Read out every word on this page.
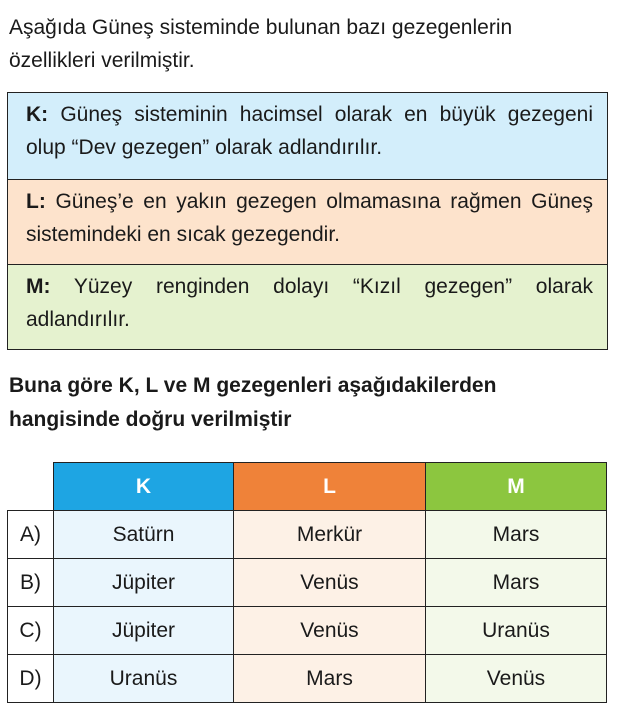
Aşağıda Güneş sisteminde bulunan bazı gezegenlerin
özellikleri verilmiştir.
K: Güneş sisteminin hacimsel olarak en büyük gezegeni olup “Dev gezegen” olarak adlandırılır.
L: Güneş’e en yakın gezegen olmamasına rağmen Güneş sistemindeki en sıcak gezegendir.
M: Yüzey renginden dolayı “Kızıl gezegen” olarak adlandırılır.
Buna göre K, L ve M gezegenleri aşağıdakilerden
hangisinde doğru verilmiştir
	K	L	M
A)	Satürn	Merkür	Mars
B)	Jüpiter	Venüs	Mars
C)	Jüpiter	Venüs	Uranüs
D)	Uranüs	Mars	Venüs
